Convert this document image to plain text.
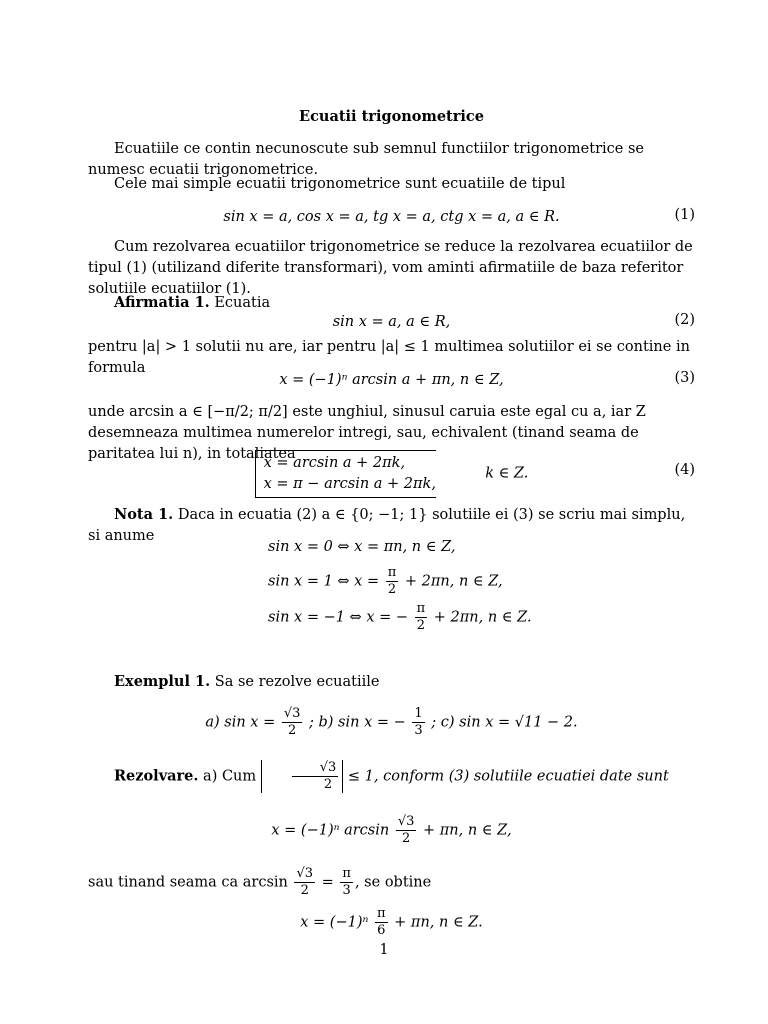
Ecuatii trigonometrice
Ecuatiile ce contin necunoscute sub semnul functiilor trigonometrice se numesc ecuatii trigonometrice.
Cele mai simple ecuatii trigonometrice sunt ecuatiile de tipul
sin x = a, cos x = a, tg x = a, ctg x = a, a ∈ R.	(1)
Cum rezolvarea ecuatiilor trigonometrice se reduce la rezolvarea ecuatiilor de tipul (1) (utilizand diferite transformari), vom aminti afirmatiile de baza referitor solutiile ecuatiilor (1).
Afirmatia 1. Ecuatia
sin x = a, a ∈ R,	(2)
pentru |a| > 1 solutii nu are, iar pentru |a| ≤ 1 multimea solutiilor ei se contine in formula
x = (−1)ⁿ arcsin a + πn, n ∈ Z,	(3)
unde arcsin a ∈ [−π/2; π/2] este unghiul, sinusul caruia este egal cu a, iar Z desemneaza multimea numerelor intregi, sau, echivalent (tinand seama de paritatea lui n), in totaliatea
x = arcsin a + 2πk,
x = π − arcsin a + 2πk,
k ∈ Z.	(4)
Nota 1. Daca in ecuatia (2) a ∈ {0; −1; 1} solutiile ei (3) se scriu mai simplu, si anume
sin x = 0 ⇔ x = πn, n ∈ Z,
sin x = 1 ⇔ $x = \frac{\pi}{2} + 2\pi n$, n ∈ Z,
sin x = −1 ⇔ x = − $\frac{\pi}{2} + 2\pi n$, n ∈ Z.
Exemplul 1. Sa se rezolve ecuatiile
a) $\sin x = \frac{√3}{2}$ ; b) sin x = − $\frac{1}{3}$ ; c) sin x = √11 − 2.
Rezolvare. a) Cum	$\frac{√3}{2} \le 1$, conform (3) solutiile ecuatiei date sunt
x = (−1)ⁿ $\arcsin \frac{√3}{2} + \pi n$, n ∈ Z,
sau tinand seama ca $\arcsin \frac{√3}{2} = \frac{\pi}{3}$ , se obtine
$x = (-1)^n \frac{\pi}{6} + \pi n$, n ∈ Z.
1
